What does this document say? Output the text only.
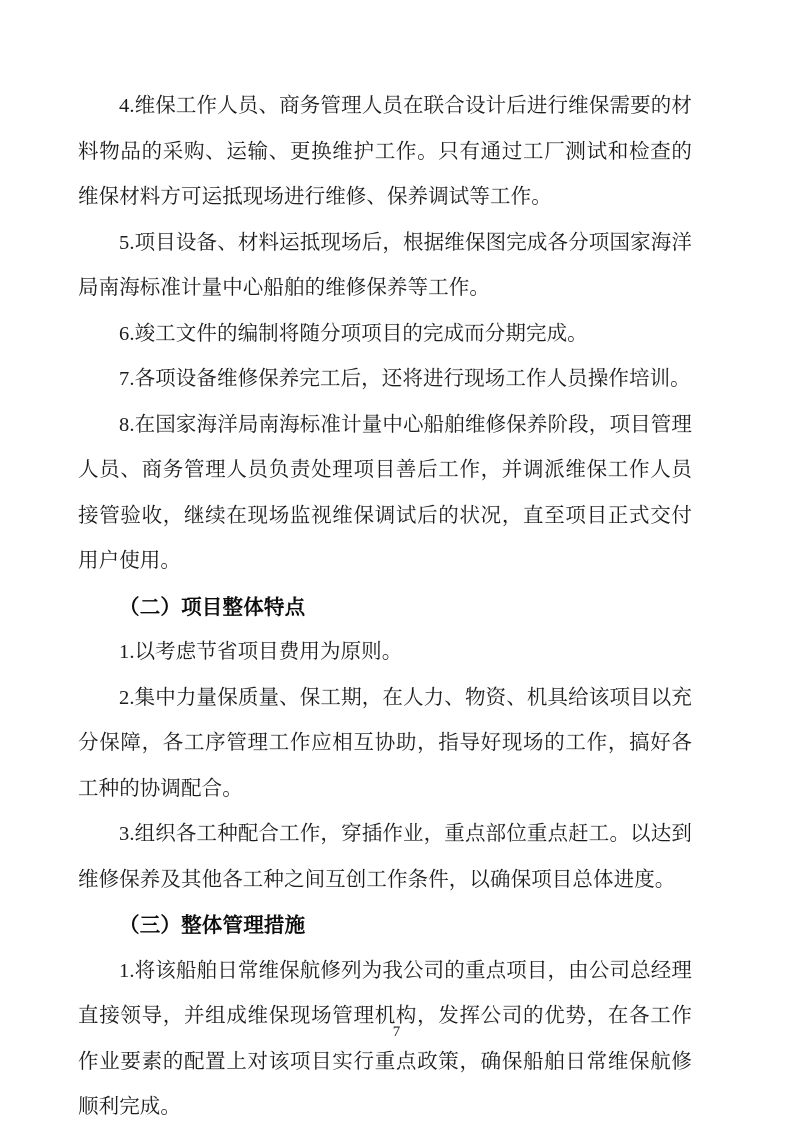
4.维保工作人员、商务管理人员在联合设计后进行维保需要的材料物品的采购、运输、更换维护工作。只有通过工厂测试和检查的维保材料方可运抵现场进行维修、保养调试等工作。

5.项目设备、材料运抵现场后，根据维保图完成各分项国家海洋局南海标准计量中心船舶的维修保养等工作。

6.竣工文件的编制将随分项项目的完成而分期完成。

7.各项设备维修保养完工后，还将进行现场工作人员操作培训。

8.在国家海洋局南海标准计量中心船舶维修保养阶段，项目管理人员、商务管理人员负责处理项目善后工作，并调派维保工作人员接管验收，继续在现场监视维保调试后的状况，直至项目正式交付用户使用。

（二）项目整体特点

1.以考虑节省项目费用为原则。

2.集中力量保质量、保工期，在人力、物资、机具给该项目以充分保障，各工序管理工作应相互协助，指导好现场的工作，搞好各工种的协调配合。

3.组织各工种配合工作，穿插作业，重点部位重点赶工。以达到维修保养及其他各工种之间互创工作条件，以确保项目总体进度。

（三）整体管理措施

1.将该船舶日常维保航修列为我公司的重点项目，由公司总经理直接领导，并组成维保现场管理机构，发挥公司的优势，在各工作作业要素的配置上对该项目实行重点政策，确保船舶日常维保航修顺利完成。

7
